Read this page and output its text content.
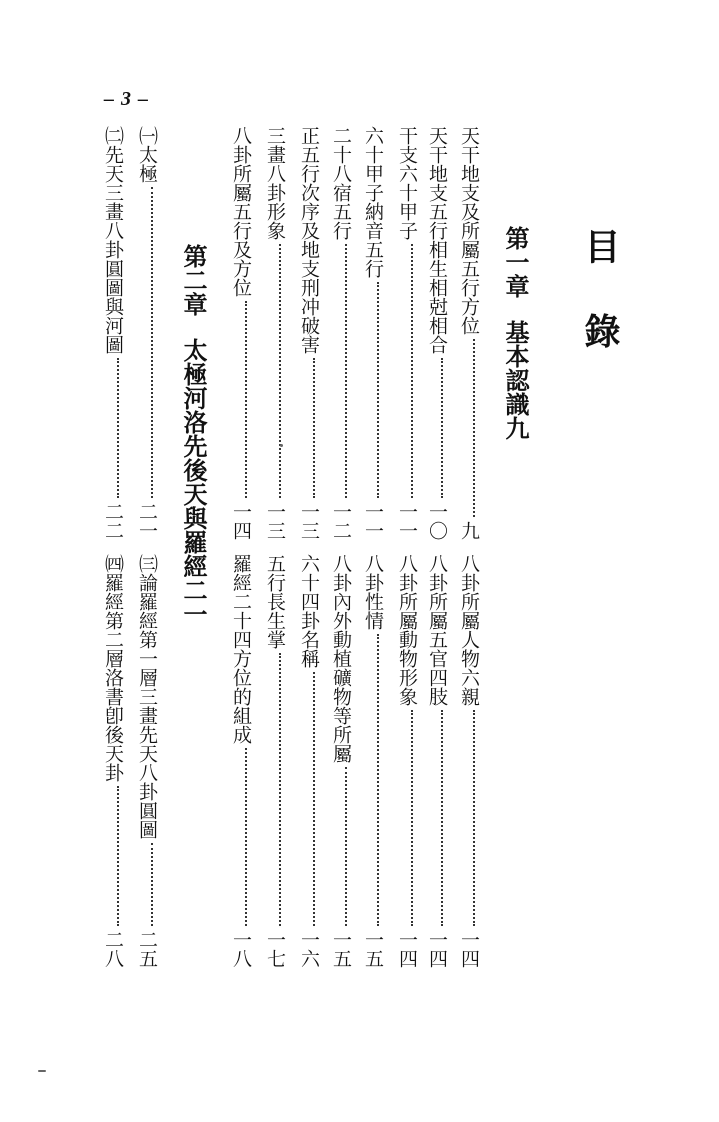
– 3 –
目 錄
第一章基本認識九
天干地支及所屬五行方位九
天干地支五行相生相尅相合一〇
干支六十甲子一一
六十甲子納音五行一一
二十八宿五行一二
正五行次序及地支刑冲破害一三
三畫八卦形象一三
八卦所屬五行及方位一四
八卦所屬人物六親一四
八卦所屬五官四肢一四
八卦所屬動物形象一四
八卦性情一五
八卦內外動植礦物等所屬一五
六十四卦名稱一六
五行長生掌一七
羅經二十四方位的組成一八
第二章太極河洛先後天與羅經二一
㈠太極二一
㈡先天三畫八卦圓圖與河圖二二
㈢論羅經第一層三畫先天八卦圓圖二五
㈣羅經第二層洛書卽後天卦二八
